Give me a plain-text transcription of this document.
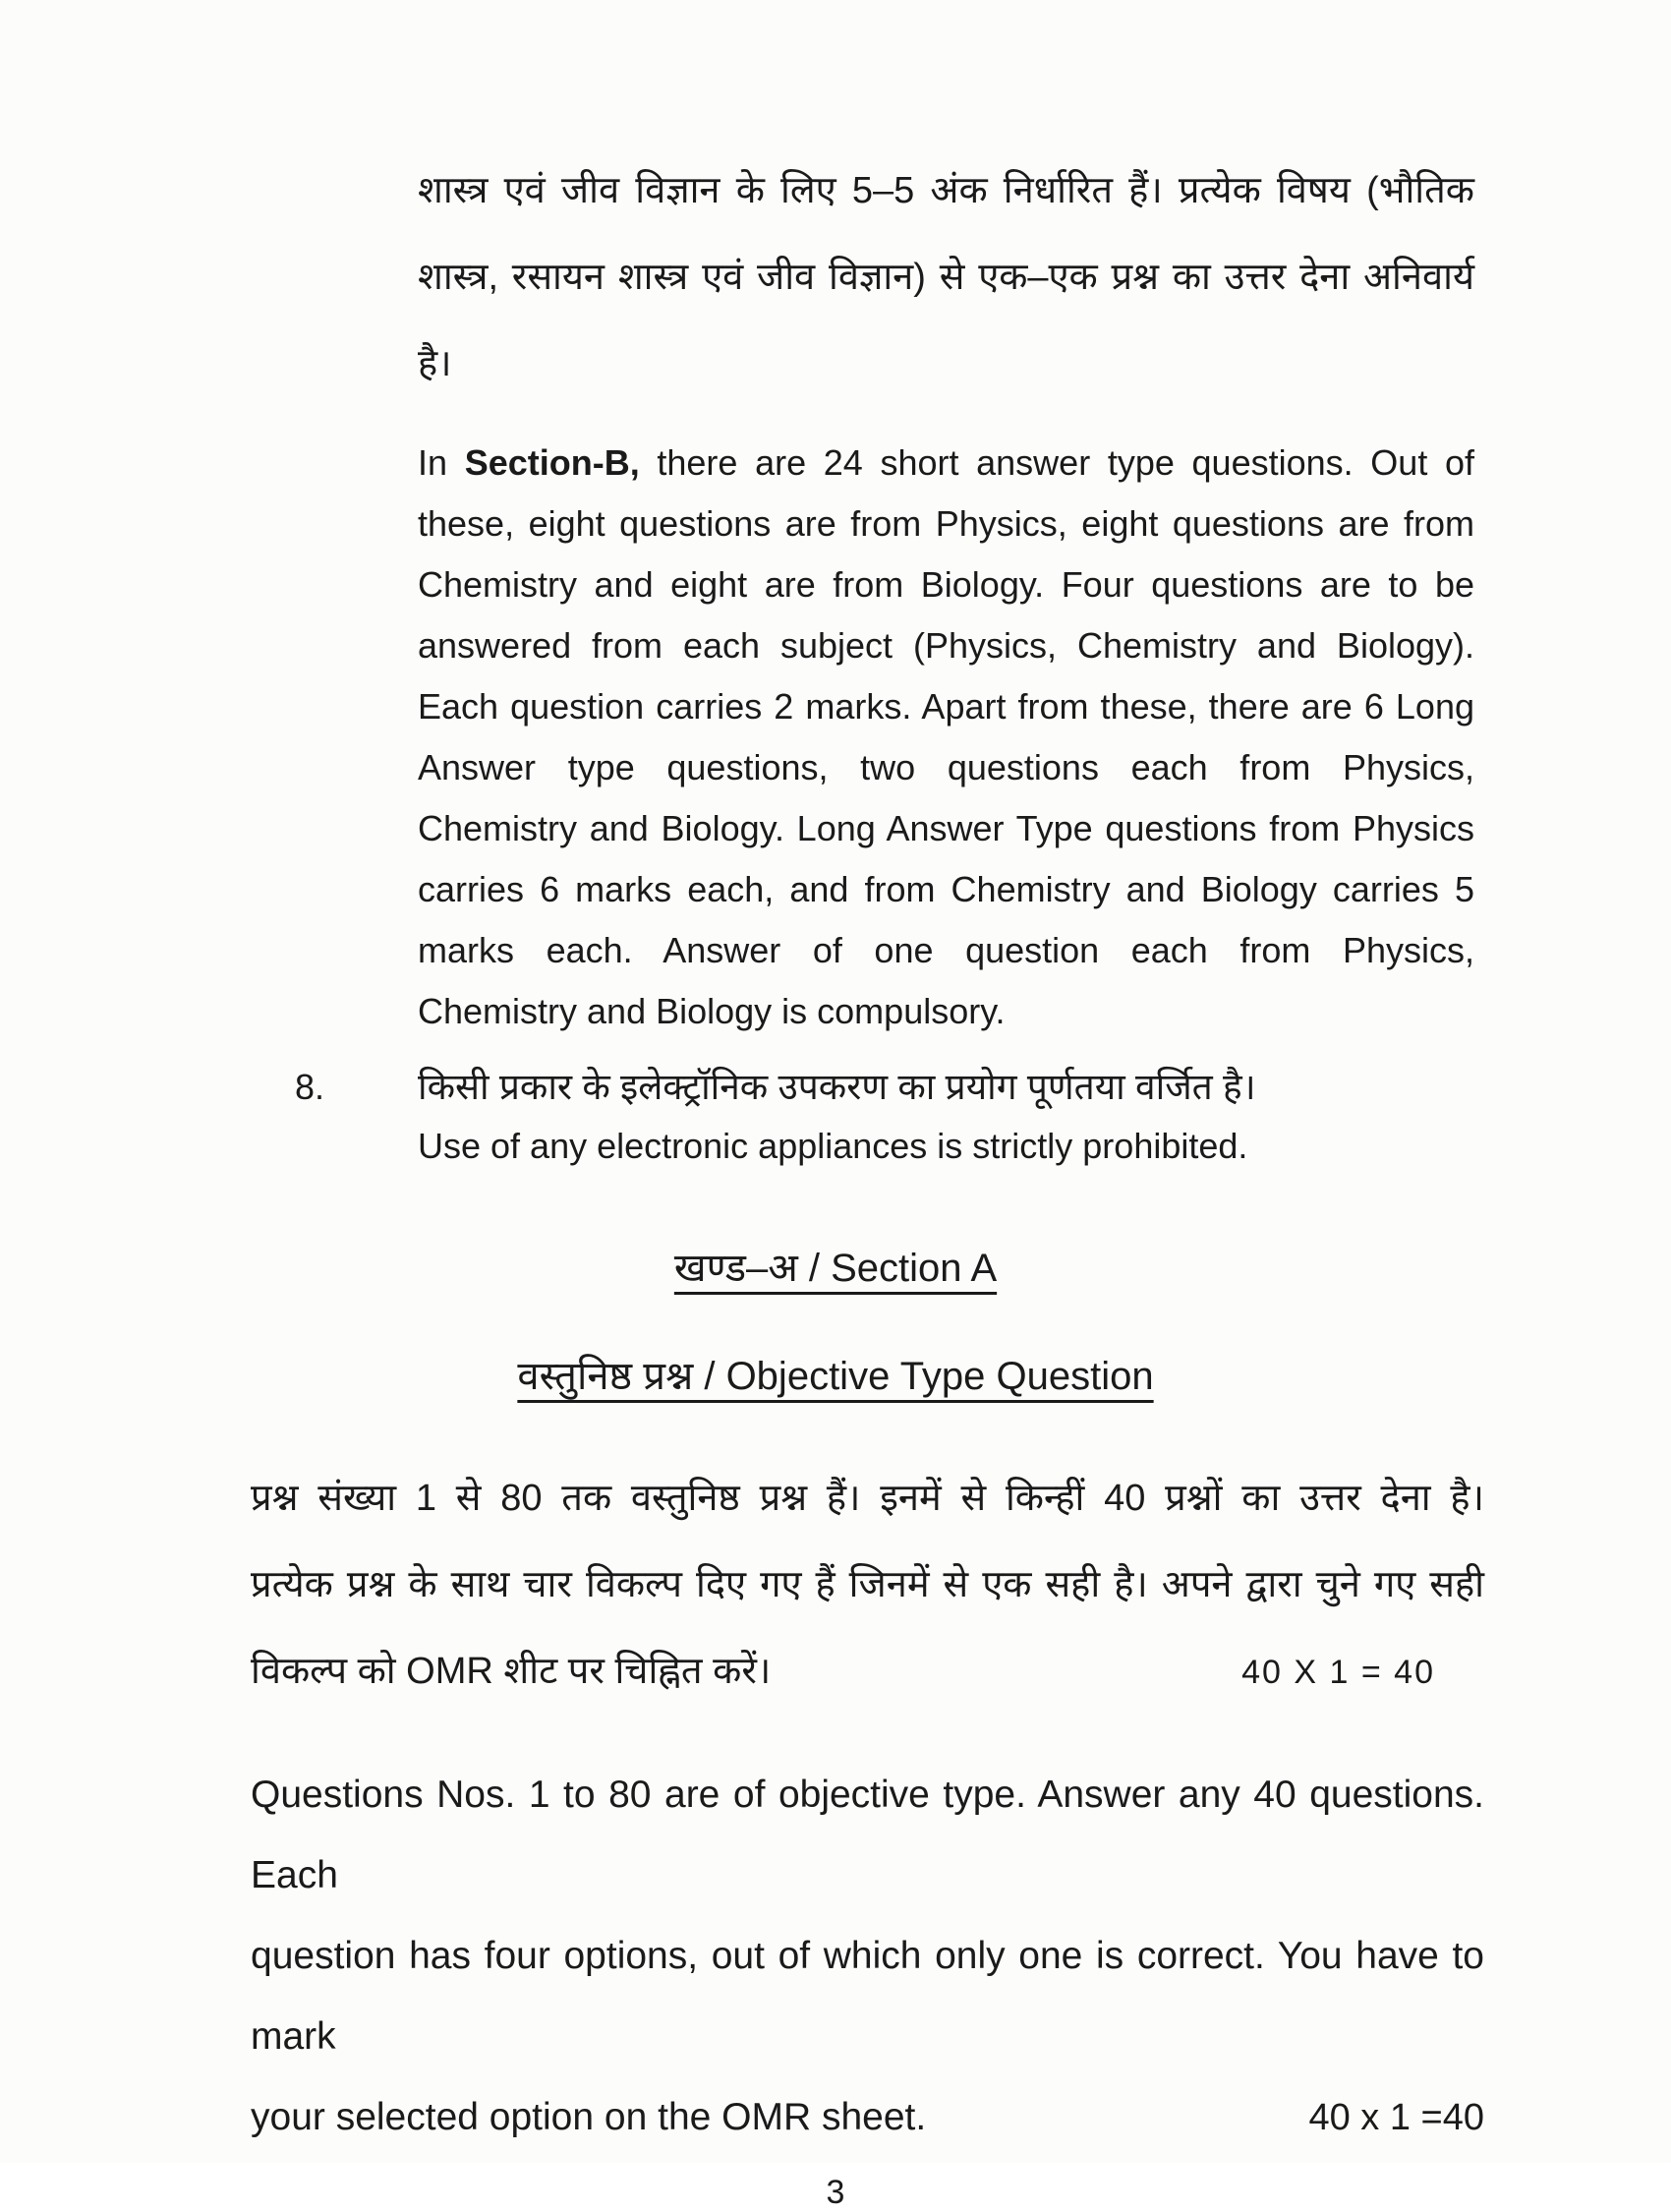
शास्त्र एवं जीव विज्ञान के लिए 5–5 अंक निर्धारित हैं। प्रत्येक विषय (भौतिक
शास्त्र, रसायन शास्त्र एवं जीव विज्ञान) से एक–एक प्रश्न का उत्तर देना अनिवार्य
है।
In Section-B, there are 24 short answer type questions. Out of
these, eight questions are from Physics, eight questions are from
Chemistry and eight are from Biology. Four questions are to be
answered from each subject (Physics, Chemistry and Biology).
Each question carries 2 marks. Apart from these, there are 6 Long
Answer type questions, two questions each from Physics,
Chemistry and Biology. Long Answer Type questions from Physics
carries 6 marks each, and from Chemistry and Biology carries 5
marks each. Answer of one question each from Physics,
Chemistry and Biology is compulsory.
8.	किसी प्रकार के इलेक्ट्रॉनिक उपकरण का प्रयोग पूर्णतया वर्जित है।
Use of any electronic appliances is strictly prohibited.
खण्ड–अ / Section A
वस्तुनिष्ठ प्रश्न / Objective Type Question
प्रश्न संख्या 1 से 80 तक वस्तुनिष्ठ प्रश्न हैं। इनमें से किन्हीं 40 प्रश्नों का उत्तर देना है।
प्रत्येक प्रश्न के साथ चार विकल्प दिए गए हैं जिनमें से एक सही है। अपने द्वारा चुने गए सही
विकल्प को OMR शीट पर चिह्नित करें।	40 X 1 = 40
Questions Nos. 1 to 80 are of objective type. Answer any 40 questions. Each
question has four options, out of which only one is correct. You have to mark
your selected option on the OMR sheet.	40 x 1 =40
3
